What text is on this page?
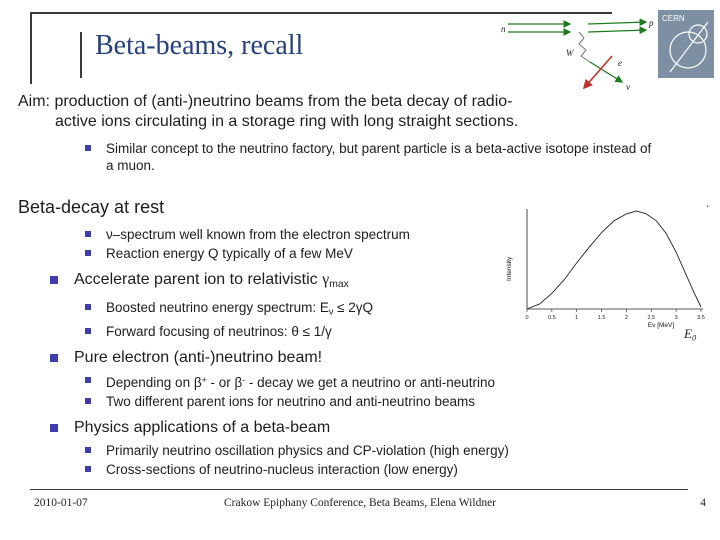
Beta-beams, recall
n
p
W
e
ν
CERN
Aim: production of (anti-)neutrino beams from the beta decay of radio-
active ions circulating in a storage ring with long straight sections.
Similar concept to the neutrino factory, but parent particle is a beta-active isotope instead of a muon.
Beta-decay at rest
ν–spectrum well known from the electron spectrum
Reaction energy Q typically of a few MeV
Accelerate parent ion to relativistic γmax
Boosted neutrino energy spectrum: Eν ≤ 2γQ
Forward focusing of neutrinos: θ ≤ 1/γ
Pure electron (anti-)neutrino beam!
Depending on β+ - or β- - decay we get a neutrino or anti-neutrino
Two different parent ions for neutrino and anti-neutrino beams
Physics applications of a beta-beam
Primarily neutrino oscillation physics and CP-violation (high energy)
Cross-sections of neutrino-nucleus interaction (low energy)
0	0.5	1	1.5	2	2.5	3	3.5
Eν [MeV]
Intensity
E0
.
2010-01-07	Crakow Epiphany Conference, Beta Beams, Elena Wildner	4
